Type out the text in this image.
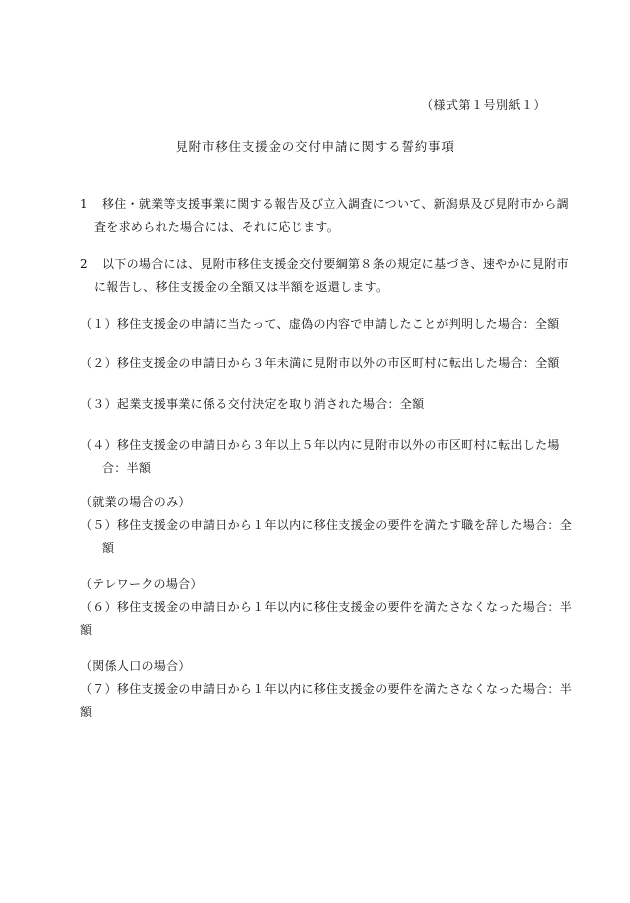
（様式第１号別紙１）
見附市移住支援金の交付申請に関する誓約事項
1 移住・就業等支援事業に関する報告及び立入調査について、新潟県及び見附市から調
査を求められた場合には、それに応じます。
2 以下の場合には、見附市移住支援金交付要綱第８条の規定に基づき、速やかに見附市
に報告し、移住支援金の全額又は半額を返還します。
（１）移住支援金の申請に当たって、虚偽の内容で申請したことが判明した場合：全額
（２）移住支援金の申請日から３年未満に見附市以外の市区町村に転出した場合：全額
（３）起業支援事業に係る交付決定を取り消された場合：全額
（４）移住支援金の申請日から３年以上５年以内に見附市以外の市区町村に転出した場
合：半額
（就業の場合のみ）
（５）移住支援金の申請日から１年以内に移住支援金の要件を満たす職を辞した場合：全
額
（テレワークの場合）
（６）移住支援金の申請日から１年以内に移住支援金の要件を満たさなくなった場合：半
額
（関係人口の場合）
（７）移住支援金の申請日から１年以内に移住支援金の要件を満たさなくなった場合：半
額
